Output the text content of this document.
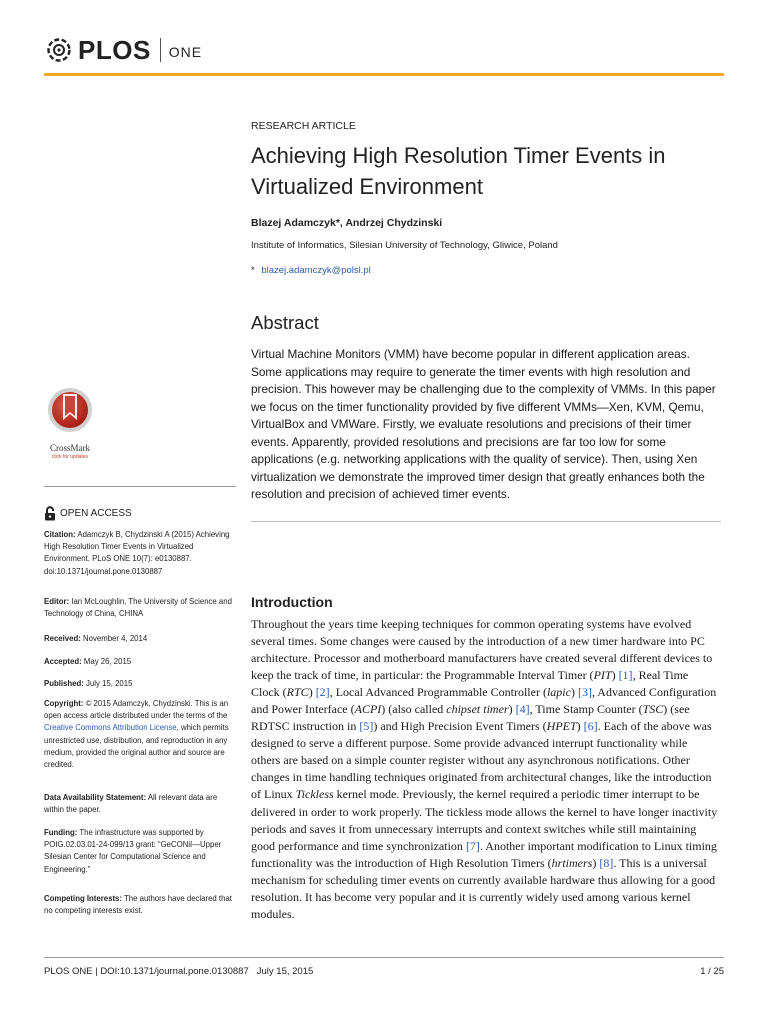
PLOS ONE
RESEARCH ARTICLE
Achieving High Resolution Timer Events in Virtualized Environment
Blazej Adamczyk*, Andrzej Chydzinski
Institute of Informatics, Silesian University of Technology, Gliwice, Poland
* blazej.adamczyk@polsl.pl
Abstract

Virtual Machine Monitors (VMM) have become popular in different application areas. Some applications may require to generate the timer events with high resolution and precision. This however may be challenging due to the complexity of VMMs. In this paper we focus on the timer functionality provided by five different VMMs—Xen, KVM, Qemu, VirtualBox and VMWare. Firstly, we evaluate resolutions and precisions of their timer events. Apparently, provided resolutions and precisions are far too low for some applications (e.g. networking applications with the quality of service). Then, using Xen virtualization we demonstrate the improved timer design that greatly enhances both the resolution and precision of achieved timer events.

Introduction

Throughout the years time keeping techniques for common operating systems have evolved several times. Some changes were caused by the introduction of a new timer hardware into PC architecture. Processor and motherboard manufacturers have created several different devices to keep the track of time, in particular: the Programmable Interval Timer (PIT) [1], Real Time Clock (RTC) [2], Local Advanced Programmable Controller (lapic) [3], Advanced Configuration and Power Interface (ACPI) (also called chipset timer) [4], Time Stamp Counter (TSC) (see RDTSC instruction in [5]) and High Precision Event Timers (HPET) [6]. Each of the above was designed to serve a different purpose. Some provide advanced interrupt functionality while others are based on a simple counter register without any asynchronous notifications. Other changes in time handling techniques originated from architectural changes, like the introduction of Linux Tickless kernel mode. Previously, the kernel required a periodic timer interrupt to be delivered in order to work properly. The tickless mode allows the kernel to have longer inactivity periods and saves it from unnecessary interrupts and context switches while still maintaining good performance and time synchronization [7]. Another important modification to Linux timing functionality was the introduction of High Resolution Timers (hrtimers) [8]. This is a universal mechanism for scheduling timer events on currently available hardware thus allowing for a good resolution. It has become very popular and it is currently widely used among various kernel modules.

CrossMark
click for updates
OPEN ACCESS

Citation: Adamczyk B, Chydzinski A (2015) Achieving High Resolution Timer Events in Virtualized Environment. PLoS ONE 10(7): e0130887. doi:10.1371/journal.pone.0130887

Editor: Ian McLoughlin, The University of Science and Technology of China, CHINA

Received: November 4, 2014

Accepted: May 26, 2015

Published: July 15, 2015

Copyright: © 2015 Adamczyk, Chydzinski. This is an open access article distributed under the terms of the Creative Commons Attribution License, which permits unrestricted use, distribution, and reproduction in any medium, provided the original author and source are credited.

Data Availability Statement: All relevant data are within the paper.

Funding: The infrastructure was supported by POIG.02.03.01-24-099/13 grant: “GeCONiI—Upper Silesian Center for Computational Science and Engineering.”

Competing Interests: The authors have declared that no competing interests exist.

PLOS ONE | DOI:10.1371/journal.pone.0130887 July 15, 2015	1 / 25
